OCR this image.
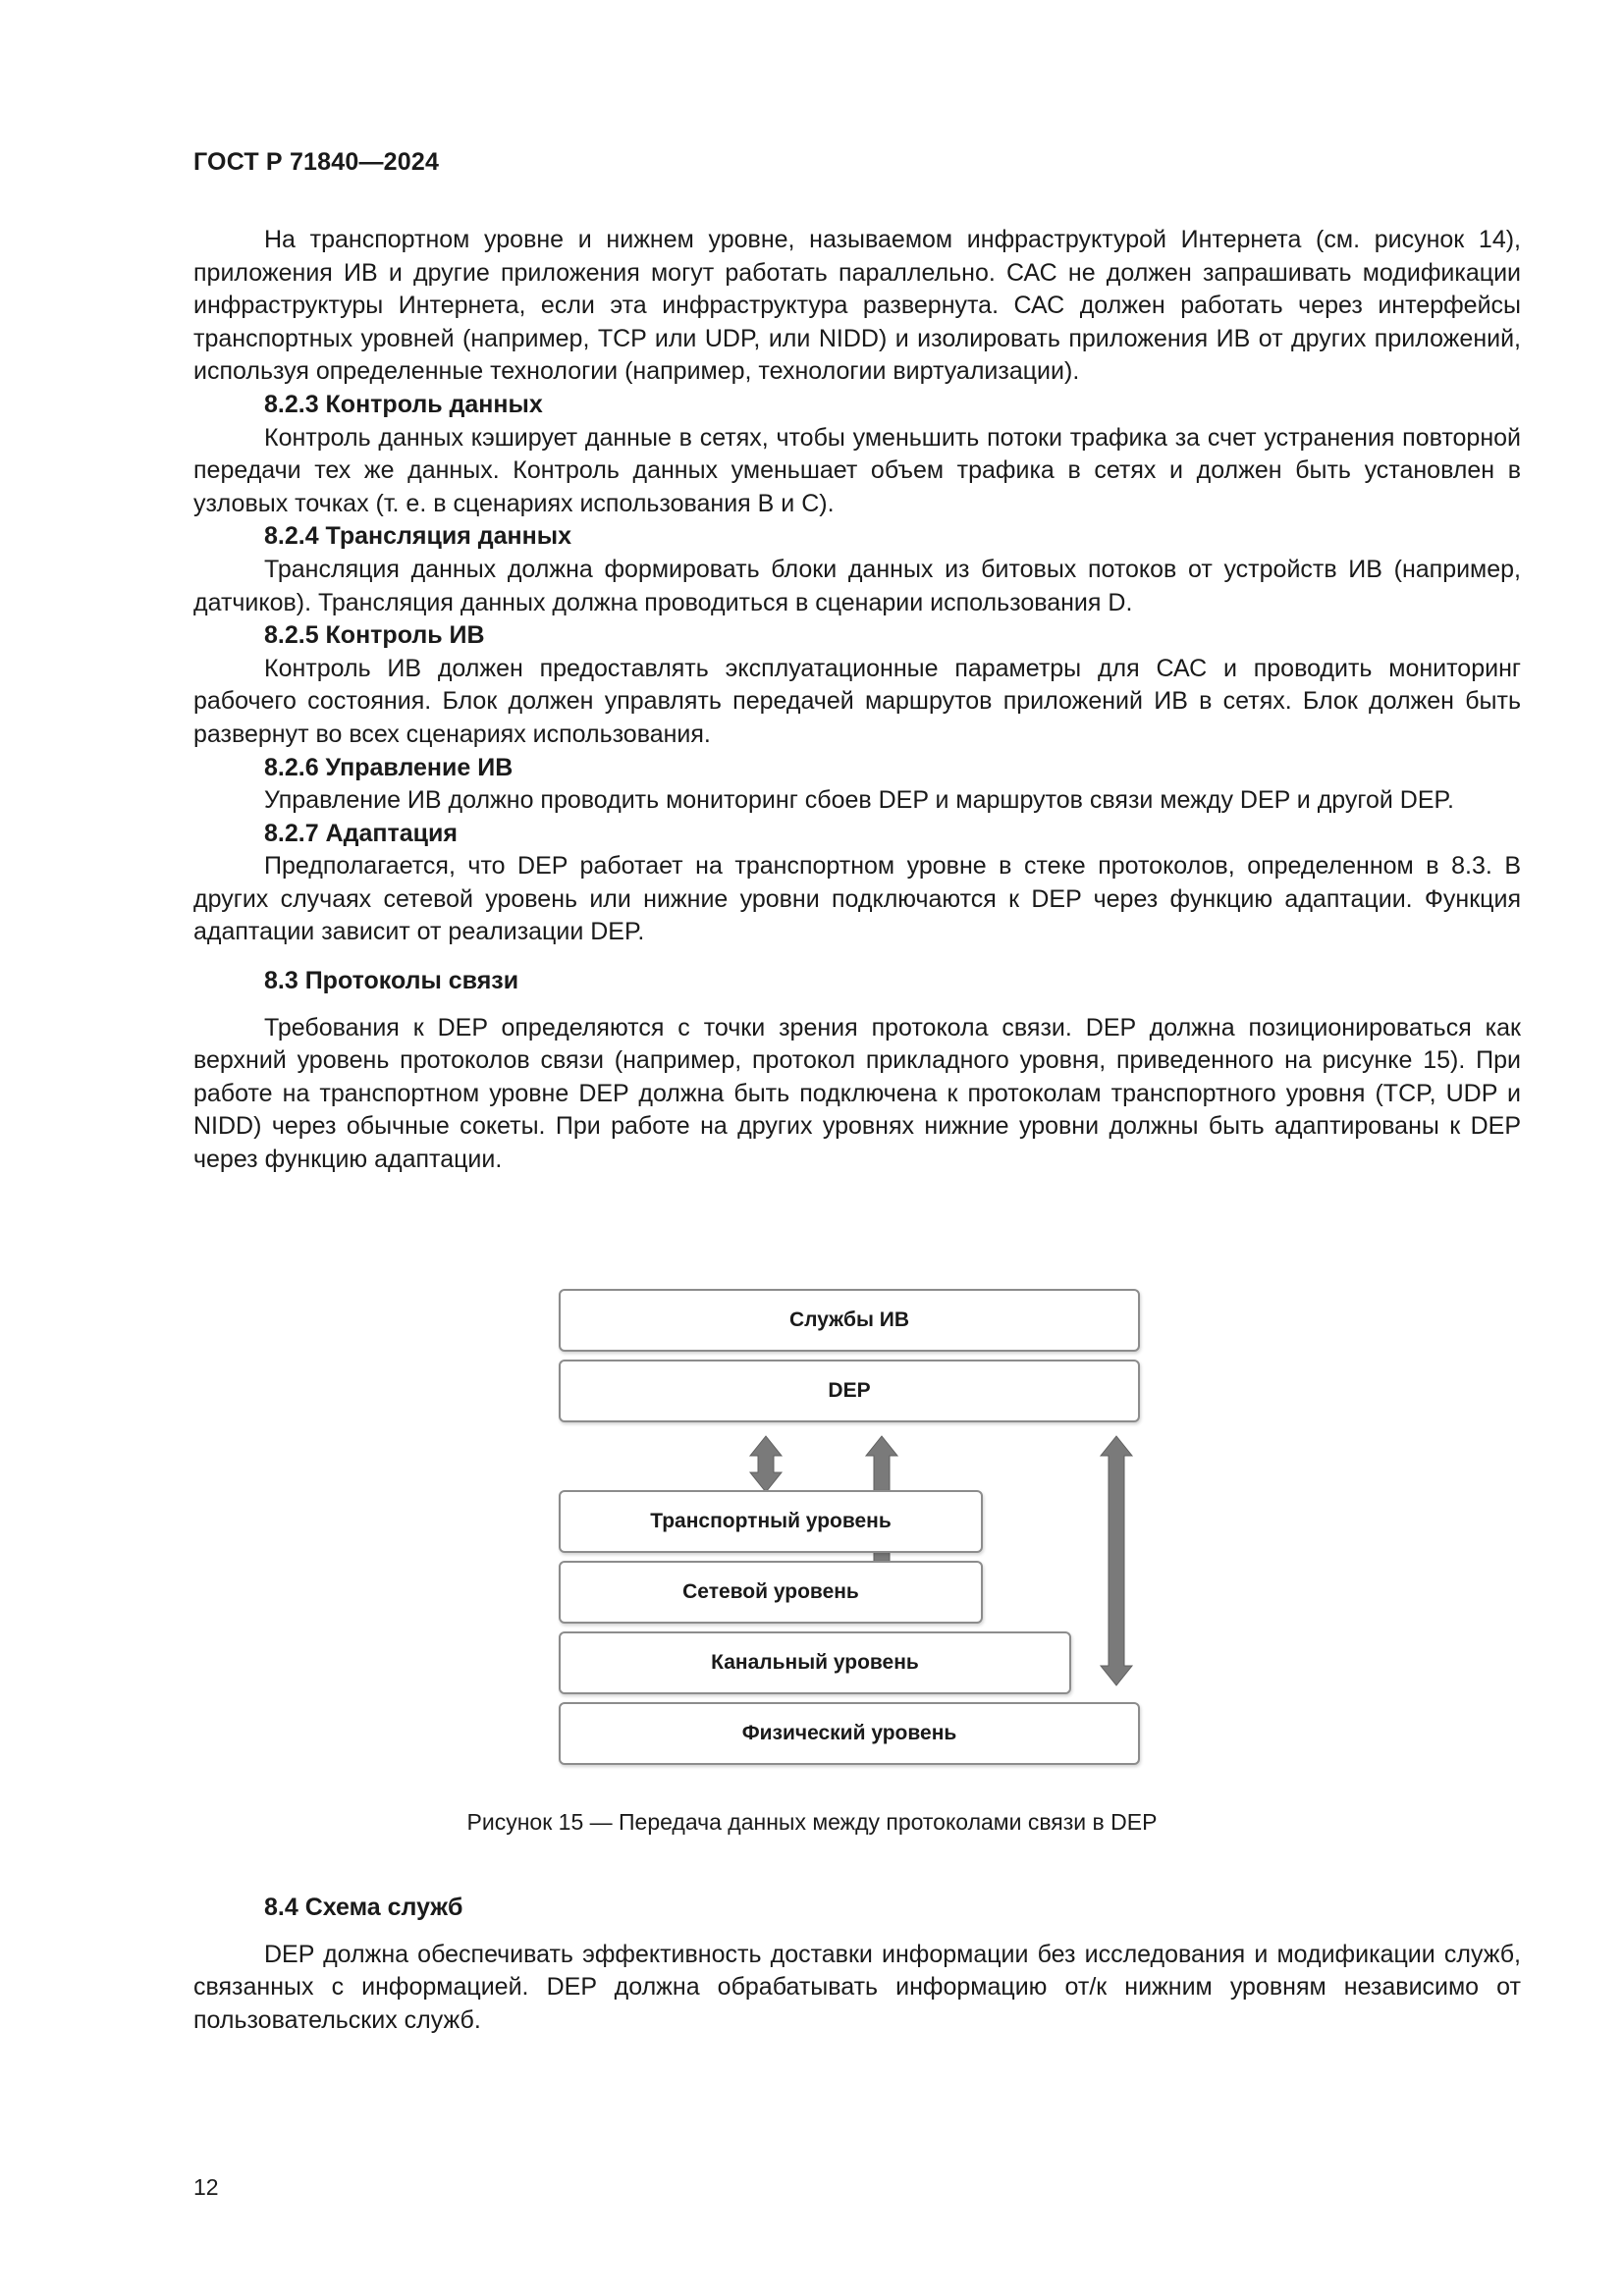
ГОСТ Р 71840—2024

На транспортном уровне и нижнем уровне, называемом инфраструктурой Интернета (см. рисунок 14), приложения ИВ и другие приложения могут работать параллельно. САС не должен запрашивать модификации инфраструктуры Интернета, если эта инфраструктура развернута. САС должен работать через интерфейсы транспортных уровней (например, TCP или UDP, или NIDD) и изолировать приложения ИВ от других приложений, используя определенные технологии (например, технологии виртуализации).

8.2.3 Контроль данных

Контроль данных кэширует данные в сетях, чтобы уменьшить потоки трафика за счет устранения повторной передачи тех же данных. Контроль данных уменьшает объем трафика в сетях и должен быть установлен в узловых точках (т. е. в сценариях использования В и С).

8.2.4 Трансляция данных

Трансляция данных должна формировать блоки данных из битовых потоков от устройств ИВ (например, датчиков). Трансляция данных должна проводиться в сценарии использования D.

8.2.5 Контроль ИВ

Контроль ИВ должен предоставлять эксплуатационные параметры для САС и проводить мониторинг рабочего состояния. Блок должен управлять передачей маршрутов приложений ИВ в сетях. Блок должен быть развернут во всех сценариях использования.

8.2.6 Управление ИВ

Управление ИВ должно проводить мониторинг сбоев DEP и маршрутов связи между DEP и другой DEP.

8.2.7 Адаптация

Предполагается, что DEP работает на транспортном уровне в стеке протоколов, определенном в 8.3. В других случаях сетевой уровень или нижние уровни подключаются к DEP через функцию адаптации. Функция адаптации зависит от реализации DEP.

8.3 Протоколы связи

Требования к DEP определяются с точки зрения протокола связи. DEP должна позиционироваться как верхний уровень протоколов связи (например, протокол прикладного уровня, приведенного на рисунке 15). При работе на транспортном уровне DEP должна быть подключена к протоколам транспортного уровня (TCP, UDP и NIDD) через обычные сокеты. При работе на других уровнях нижние уровни должны быть адаптированы к DEP через функцию адаптации.

Службы ИВ
DEP
Транспортный уровень
Сетевой уровень
Канальный уровень
Физический уровень
Рисунок 15 — Передача данных между протоколами связи в DEP

8.4 Схема служб

DEP должна обеспечивать эффективность доставки информации без исследования и модификации служб, связанных с информацией. DEP должна обрабатывать информацию от/к нижним уровням независимо от пользовательских служб.

12
